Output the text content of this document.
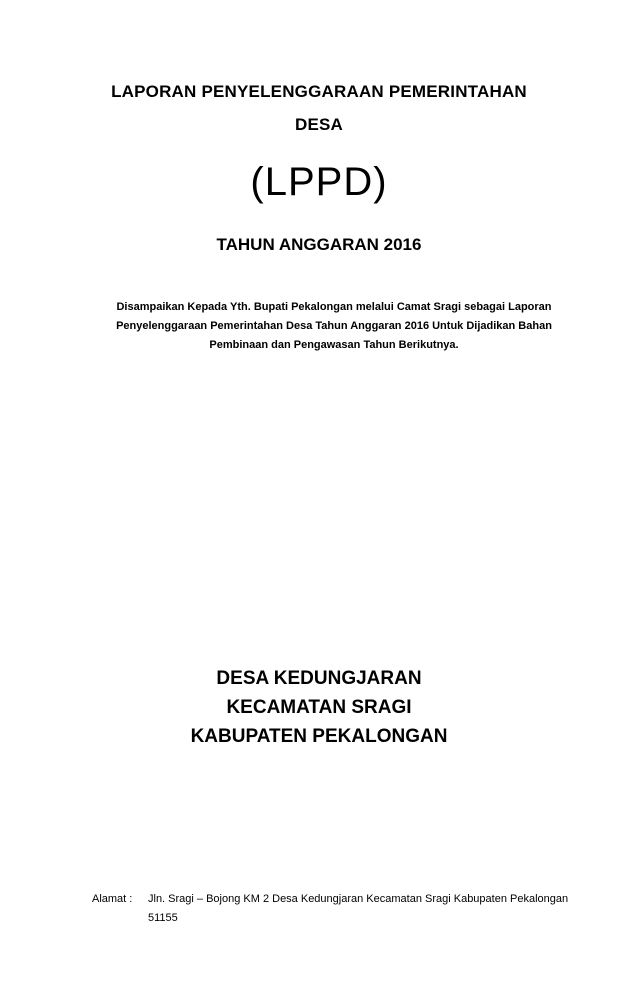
LAPORAN PENYELENGGARAAN PEMERINTAHAN
DESA
(LPPD)
TAHUN ANGGARAN 2016
Disampaikan Kepada Yth. Bupati Pekalongan melalui Camat Sragi sebagai Laporan
Penyelenggaraan Pemerintahan Desa Tahun Anggaran 2016 Untuk Dijadikan Bahan
Pembinaan dan Pengawasan Tahun Berikutnya.
DESA KEDUNGJARAN
KECAMATAN SRAGI
KABUPATEN PEKALONGAN
Alamat : Jln. Sragi – Bojong KM 2 Desa Kedungjaran Kecamatan Sragi Kabupaten Pekalongan
51155
